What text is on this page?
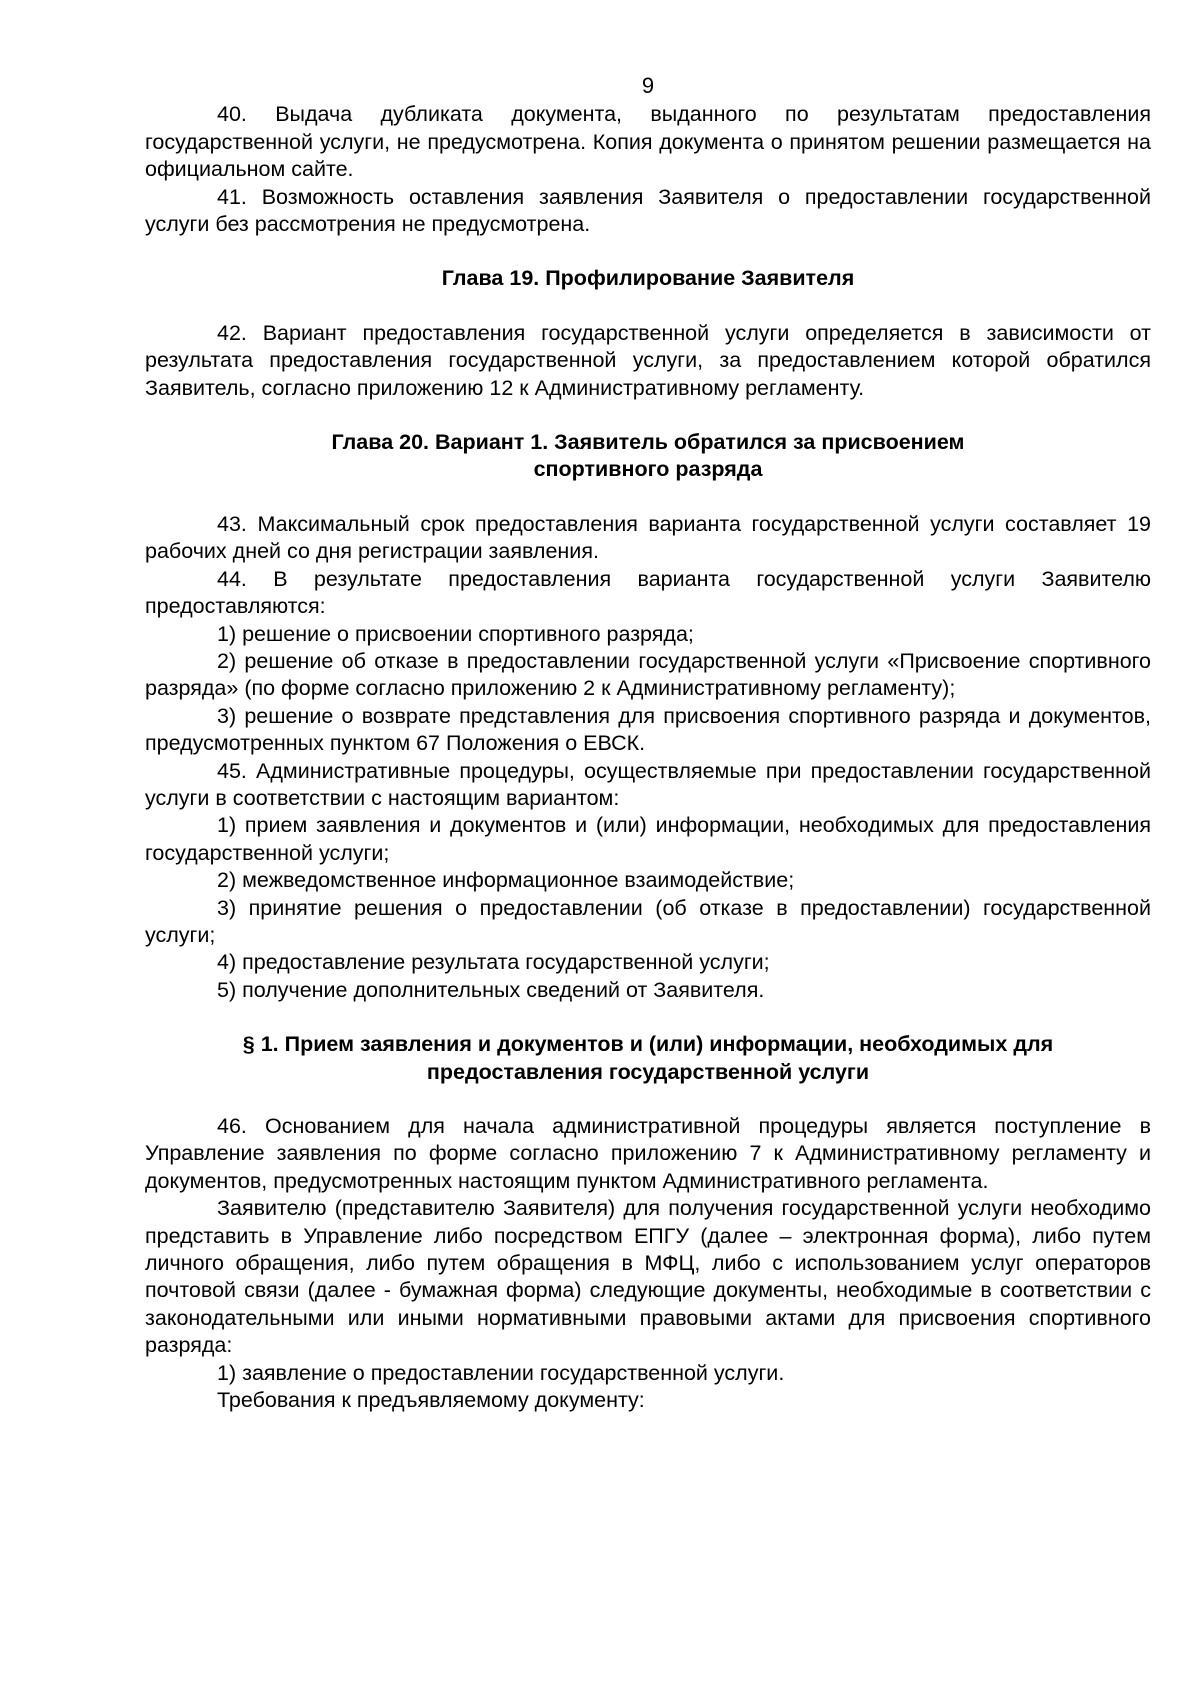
9

40. Выдача дубликата документа, выданного по результатам предоставления государственной услуги, не предусмотрена. Копия документа о принятом решении размещается на официальном сайте.

41. Возможность оставления заявления Заявителя о предоставлении государственной услуги без рассмотрения не предусмотрена.

Глава 19. Профилирование Заявителя

42. Вариант предоставления государственной услуги определяется в зависимости от результата предоставления государственной услуги, за предоставлением которой обратился Заявитель, согласно приложению 12 к Административному регламенту.

Глава 20. Вариант 1. Заявитель обратился за присвоением
спортивного разряда

43. Максимальный срок предоставления варианта государственной услуги составляет 19 рабочих дней со дня регистрации заявления.

44. В результате предоставления варианта государственной услуги Заявителю предоставляются:

1) решение о присвоении спортивного разряда;

2) решение об отказе в предоставлении государственной услуги «Присвоение спортивного разряда» (по форме согласно приложению 2 к Административному регламенту);

3) решение о возврате представления для присвоения спортивного разряда и документов, предусмотренных пунктом 67 Положения о ЕВСК.

45. Административные процедуры, осуществляемые при предоставлении государственной услуги в соответствии с настоящим вариантом:

1) прием заявления и документов и (или) информации, необходимых для предоставления государственной услуги;

2) межведомственное информационное взаимодействие;

3) принятие решения о предоставлении (об отказе в предоставлении) государственной услуги;

4) предоставление результата государственной услуги;

5) получение дополнительных сведений от Заявителя.

§ 1. Прием заявления и документов и (или) информации, необходимых для
предоставления государственной услуги

46. Основанием для начала административной процедуры является поступление в Управление заявления по форме согласно приложению 7 к Административному регламенту и документов, предусмотренных настоящим пунктом Административного регламента.

Заявителю (представителю Заявителя) для получения государственной услуги необходимо представить в Управление либо посредством ЕПГУ (далее – электронная форма), либо путем личного обращения, либо путем обращения в МФЦ, либо с использованием услуг операторов почтовой связи (далее - бумажная форма) следующие документы, необходимые в соответствии с законодательными или иными нормативными правовыми актами для присвоения спортивного разряда:

1) заявление о предоставлении государственной услуги.

Требования к предъявляемому документу:
